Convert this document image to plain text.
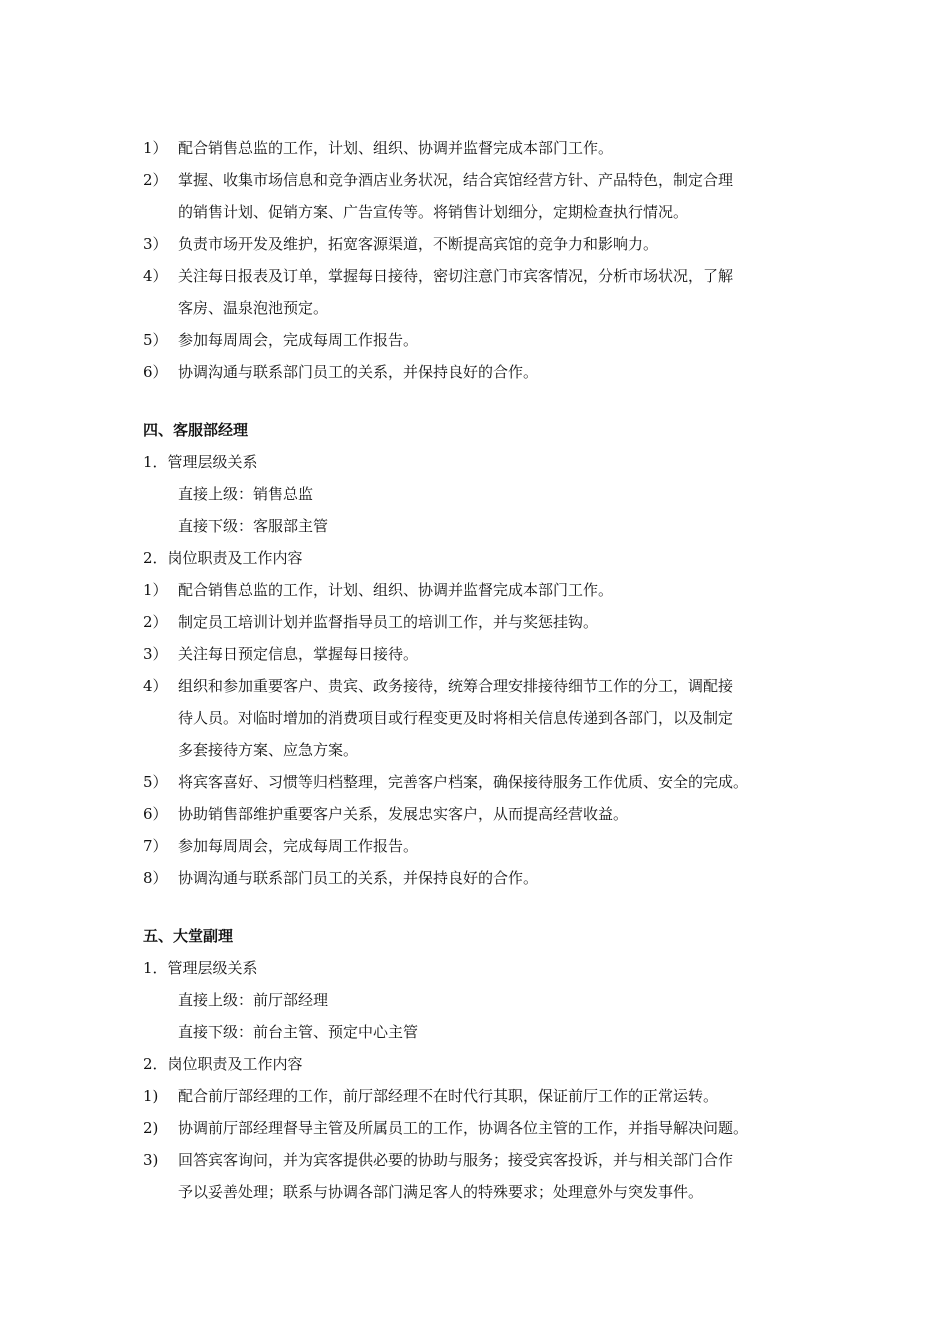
1） 配合销售总监的工作，计划、组织、协调并监督完成本部门工作。
2） 掌握、收集市场信息和竞争酒店业务状况，结合宾馆经营方针、产品特色，制定合理
的销售计划、促销方案、广告宣传等。将销售计划细分，定期检查执行情况。
3） 负责市场开发及维护，拓宽客源渠道，不断提高宾馆的竞争力和影响力。
4） 关注每日报表及订单，掌握每日接待，密切注意门市宾客情况，分析市场状况，了解
客房、温泉泡池预定。
5） 参加每周周会，完成每周工作报告。
6） 协调沟通与联系部门员工的关系，并保持良好的合作。
四、客服部经理
1．管理层级关系
直接上级：销售总监
直接下级：客服部主管
2．岗位职责及工作内容
1） 配合销售总监的工作，计划、组织、协调并监督完成本部门工作。
2） 制定员工培训计划并监督指导员工的培训工作，并与奖惩挂钩。
3） 关注每日预定信息，掌握每日接待。
4） 组织和参加重要客户、贵宾、政务接待，统筹合理安排接待细节工作的分工，调配接
待人员。对临时增加的消费项目或行程变更及时将相关信息传递到各部门，以及制定
多套接待方案、应急方案。
5） 将宾客喜好、习惯等归档整理，完善客户档案，确保接待服务工作优质、安全的完成。
6） 协助销售部维护重要客户关系，发展忠实客户，从而提高经营收益。
7） 参加每周周会，完成每周工作报告。
8） 协调沟通与联系部门员工的关系，并保持良好的合作。
五、大堂副理
1．管理层级关系
直接上级：前厅部经理
直接下级：前台主管、预定中心主管
2．岗位职责及工作内容
1) 配合前厅部经理的工作，前厅部经理不在时代行其职，保证前厅工作的正常运转。
2) 协调前厅部经理督导主管及所属员工的工作，协调各位主管的工作，并指导解决问题。
3) 回答宾客询问，并为宾客提供必要的协助与服务；接受宾客投诉，并与相关部门合作
予以妥善处理；联系与协调各部门满足客人的特殊要求；处理意外与突发事件。
